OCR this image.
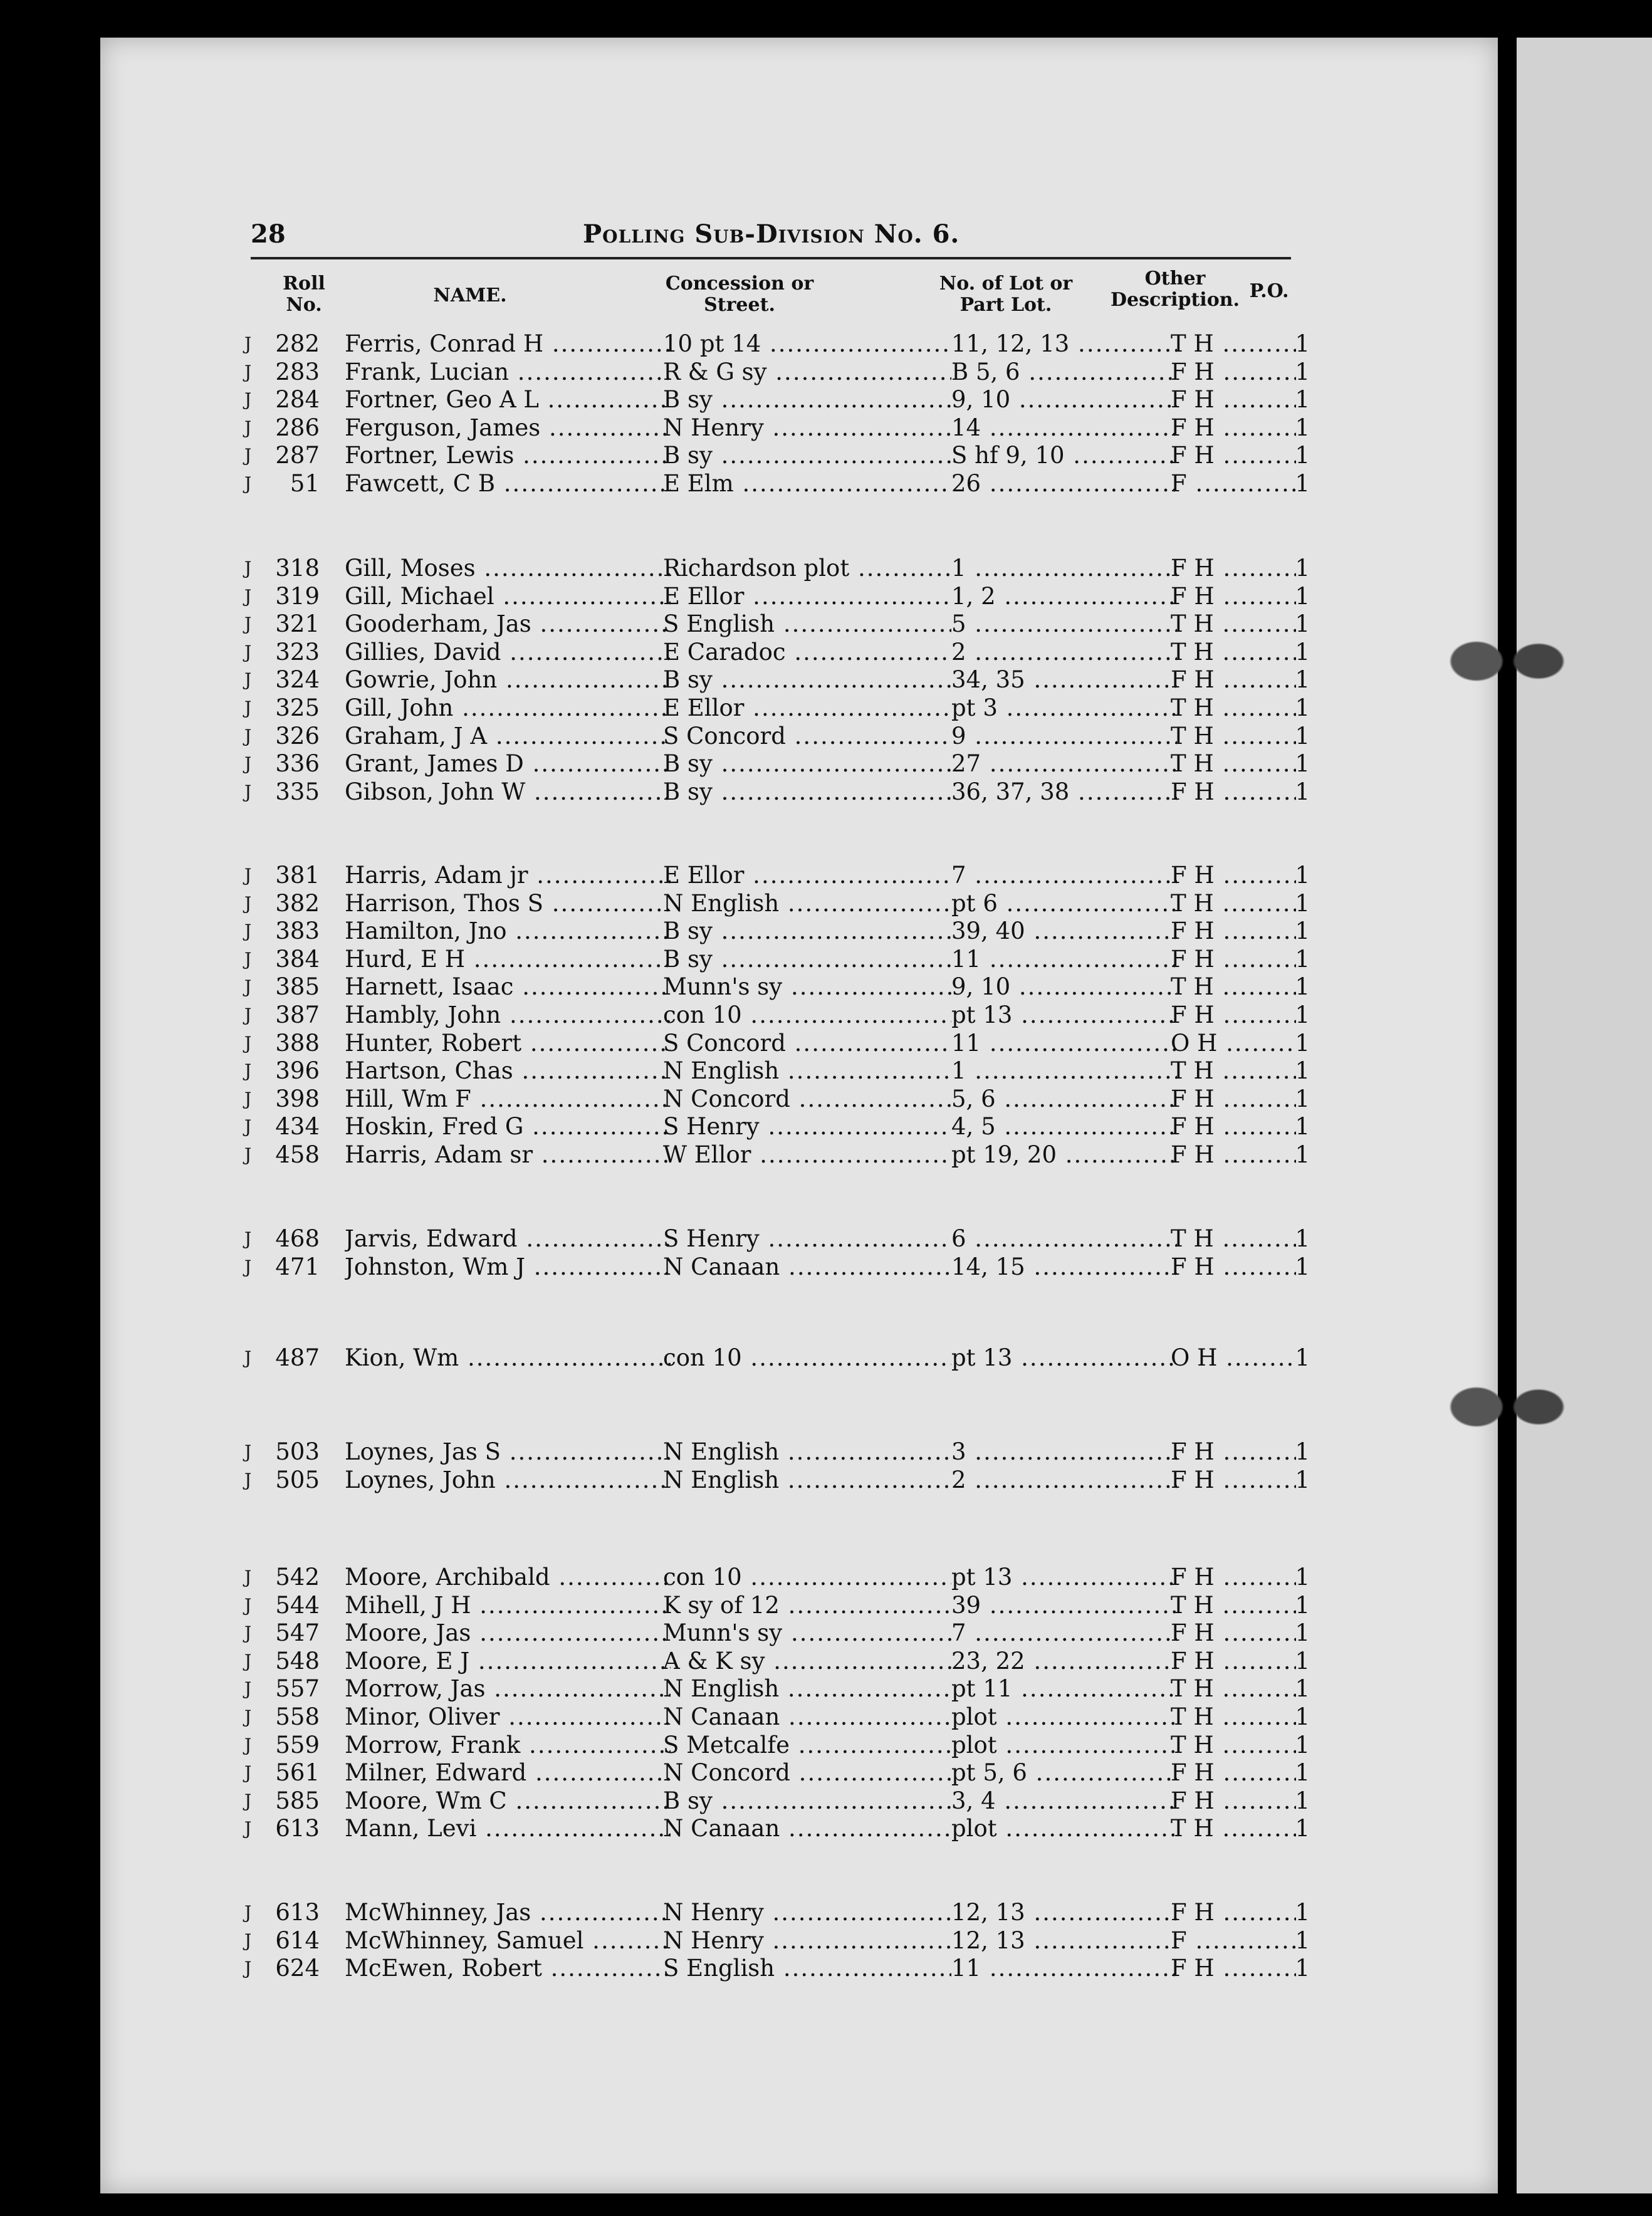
28	Polling Sub-Division No. 6.
Roll No.	NAME.
Concession or Street.
No. of Lot or Part Lot.
Other Description. P.O.
J	282 Ferris, Conrad H .....	10 pt 14 .....	11, 12, 13 .....	T H .....	1
J	283 Frank, Lucian .....	R & G sy .....	B 5, 6 .....	F H .....	1
J	284 Fortner, Geo A L .....	B sy .....	9, 10 .....	F H .....	1
J	286 Ferguson, James .....	N Henry .....	14 .....	F H .....	1
J	287 Fortner, Lewis .....	B sy .....	S hf 9, 10 .....	F H .....	1
J	51 Fawcett, C B .....	E Elm .....	26 .....	F .....	1
J	318 Gill, Moses .....	Richardson plot .....	1 .....	F H .....	1
J	319 Gill, Michael .....	E Ellor .....	1, 2 .....	F H .....	1
J	321 Gooderham, Jas .....	S English .....	5 .....	T H .....	1
J	323 Gillies, David .....	E Caradoc .....	2 .....	T H .....	1
J	324 Gowrie, John .....	B sy .....	34, 35 .....	F H .....	1
J	325 Gill, John .....	E Ellor .....	pt 3 .....	T H .....	1
J	326 Graham, J A .....	S Concord .....	9 .....	T H .....	1
J	336 Grant, James D .....	B sy .....	27 .....	T H .....	1
J	335 Gibson, John W .....	B sy .....	36, 37, 38 .....	F H .....	1
J	381 Harris, Adam jr .....	E Ellor .....	7 .....	F H .....	1
J	382 Harrison, Thos S .....	N English .....	pt 6 .....	T H .....	1
J	383 Hamilton, Jno .....	B sy .....	39, 40 .....	F H .....	1
J	384 Hurd, E H .....	B sy .....	11 .....	F H .....	1
J	385 Harnett, Isaac .....	Munn's sy .....	9, 10 .....	T H .....	1
J	387 Hambly, John .....	con 10 .....	pt 13 .....	F H .....	1
J	388 Hunter, Robert .....	S Concord .....	11 .....	O H .....	1
J	396 Hartson, Chas .....	N English .....	1 .....	T H .....	1
J	398 Hill, Wm F .....	N Concord .....	5, 6 .....	F H .....	1
J	434 Hoskin, Fred G .....	S Henry .....	4, 5 .....	F H .....	1
J	458 Harris, Adam sr .....	W Ellor .....	pt 19, 20 .....	F H .....	1
J	468 Jarvis, Edward .....	S Henry .....	6 .....	T H .....	1
J	471 Johnston, Wm J .....	N Canaan .....	14, 15 .....	F H .....	1
J	487 Kion, Wm .....	con 10 .....	pt 13 .....	O H .....	1
J	503 Loynes, Jas S .....	N English .....	3 .....	F H .....	1
J	505 Loynes, John .....	N English .....	2 .....	F H .....	1
J	542 Moore, Archibald .....	con 10 .....	pt 13 .....	F H .....	1
J	544 Mihell, J H .....	K sy of 12 .....	39 .....	T H .....	1
J	547 Moore, Jas .....	Munn's sy .....	7 .....	F H .....	1
J	548 Moore, E J .....	A & K sy .....	23, 22 .....	F H .....	1
J	557 Morrow, Jas .....	N English .....	pt 11 .....	T H .....	1
J	558 Minor, Oliver .....	N Canaan .....	plot .....	T H .....	1
J	559 Morrow, Frank .....	S Metcalfe .....	plot .....	T H .....	1
J	561 Milner, Edward .....	N Concord .....	pt 5, 6 .....	F H .....	1
J	585 Moore, Wm C .....	B sy .....	3, 4 .....	F H .....	1
J	613 Mann, Levi .....	N Canaan .....	plot .....	T H .....	1
J	613 McWhinney, Jas .....	N Henry .....	12, 13 .....	F H .....	1
J	614 McWhinney, Samuel .....	N Henry .....	12, 13 .....	F .....	1
J	624 McEwen, Robert .....	S English .....	11 .....	F H .....	1
